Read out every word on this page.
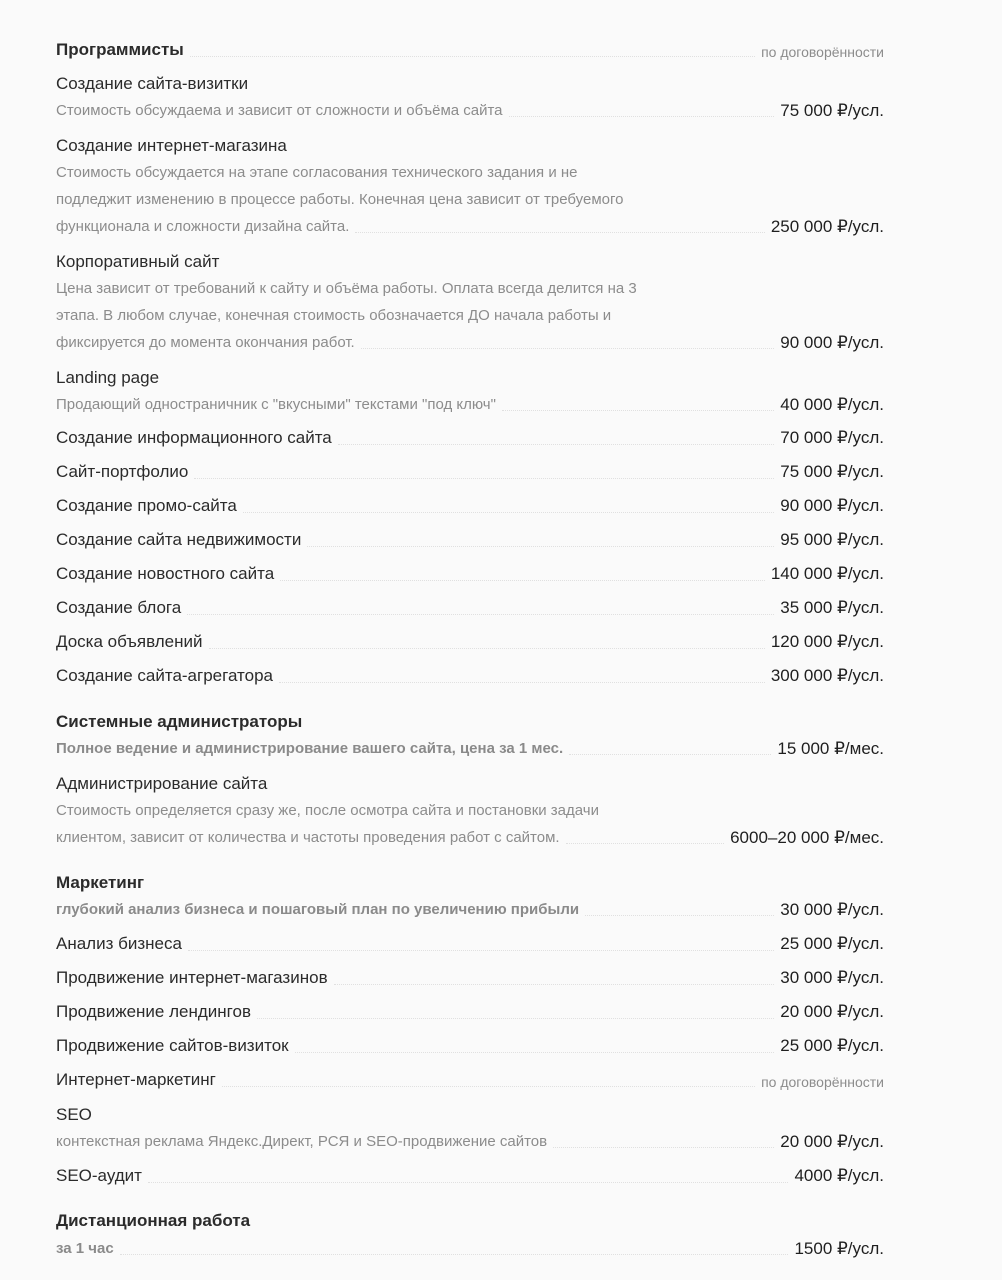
Программисты	по договорённости
Создание сайта-визитки
Стоимость обсуждаема и зависит от сложности и объёма сайта	75 000 ₽/усл.
Создание интернет-магазина
Стоимость обсуждается на этапе согласования технического задания и не
подледжит изменению в процессе работы. Конечная цена зависит от требуемого
функционала и сложности дизайна сайта.	250 000 ₽/усл.
Корпоративный сайт
Цена зависит от требований к сайту и объёма работы. Оплата всегда делится на 3
этапа. В любом случае, конечная стоимость обозначается ДО начала работы и
фиксируется до момента окончания работ.	90 000 ₽/усл.
Landing page
Продающий одностраничник с "вкусными" текстами "под ключ"	40 000 ₽/усл.
Создание информационного сайта	70 000 ₽/усл.
Сайт-портфолио	75 000 ₽/усл.
Создание промо-сайта	90 000 ₽/усл.
Создание сайта недвижимости	95 000 ₽/усл.
Создание новостного сайта	140 000 ₽/усл.
Создание блога	35 000 ₽/усл.
Доска объявлений	120 000 ₽/усл.
Создание сайта-агрегатора	300 000 ₽/усл.
Системные администраторы
Полное ведение и администрирование вашего сайта, цена за 1 мес.	15 000 ₽/мес.
Администрирование сайта
Стоимость определяется сразу же, после осмотра сайта и постановки задачи
клиентом, зависит от количества и частоты проведения работ с сайтом.	6000–20 000 ₽/мес.
Маркетинг
глубокий анализ бизнеса и пошаговый план по увеличению прибыли	30 000 ₽/усл.
Анализ бизнеса	25 000 ₽/усл.
Продвижение интернет-магазинов	30 000 ₽/усл.
Продвижение лендингов	20 000 ₽/усл.
Продвижение сайтов-визиток	25 000 ₽/усл.
Интернет-маркетинг	по договорённости
SEO
контекстная реклама Яндекс.Директ, РСЯ и SEO-продвижение сайтов	20 000 ₽/усл.
SEO-аудит	4000 ₽/усл.
Дистанционная работа
за 1 час	1500 ₽/усл.
